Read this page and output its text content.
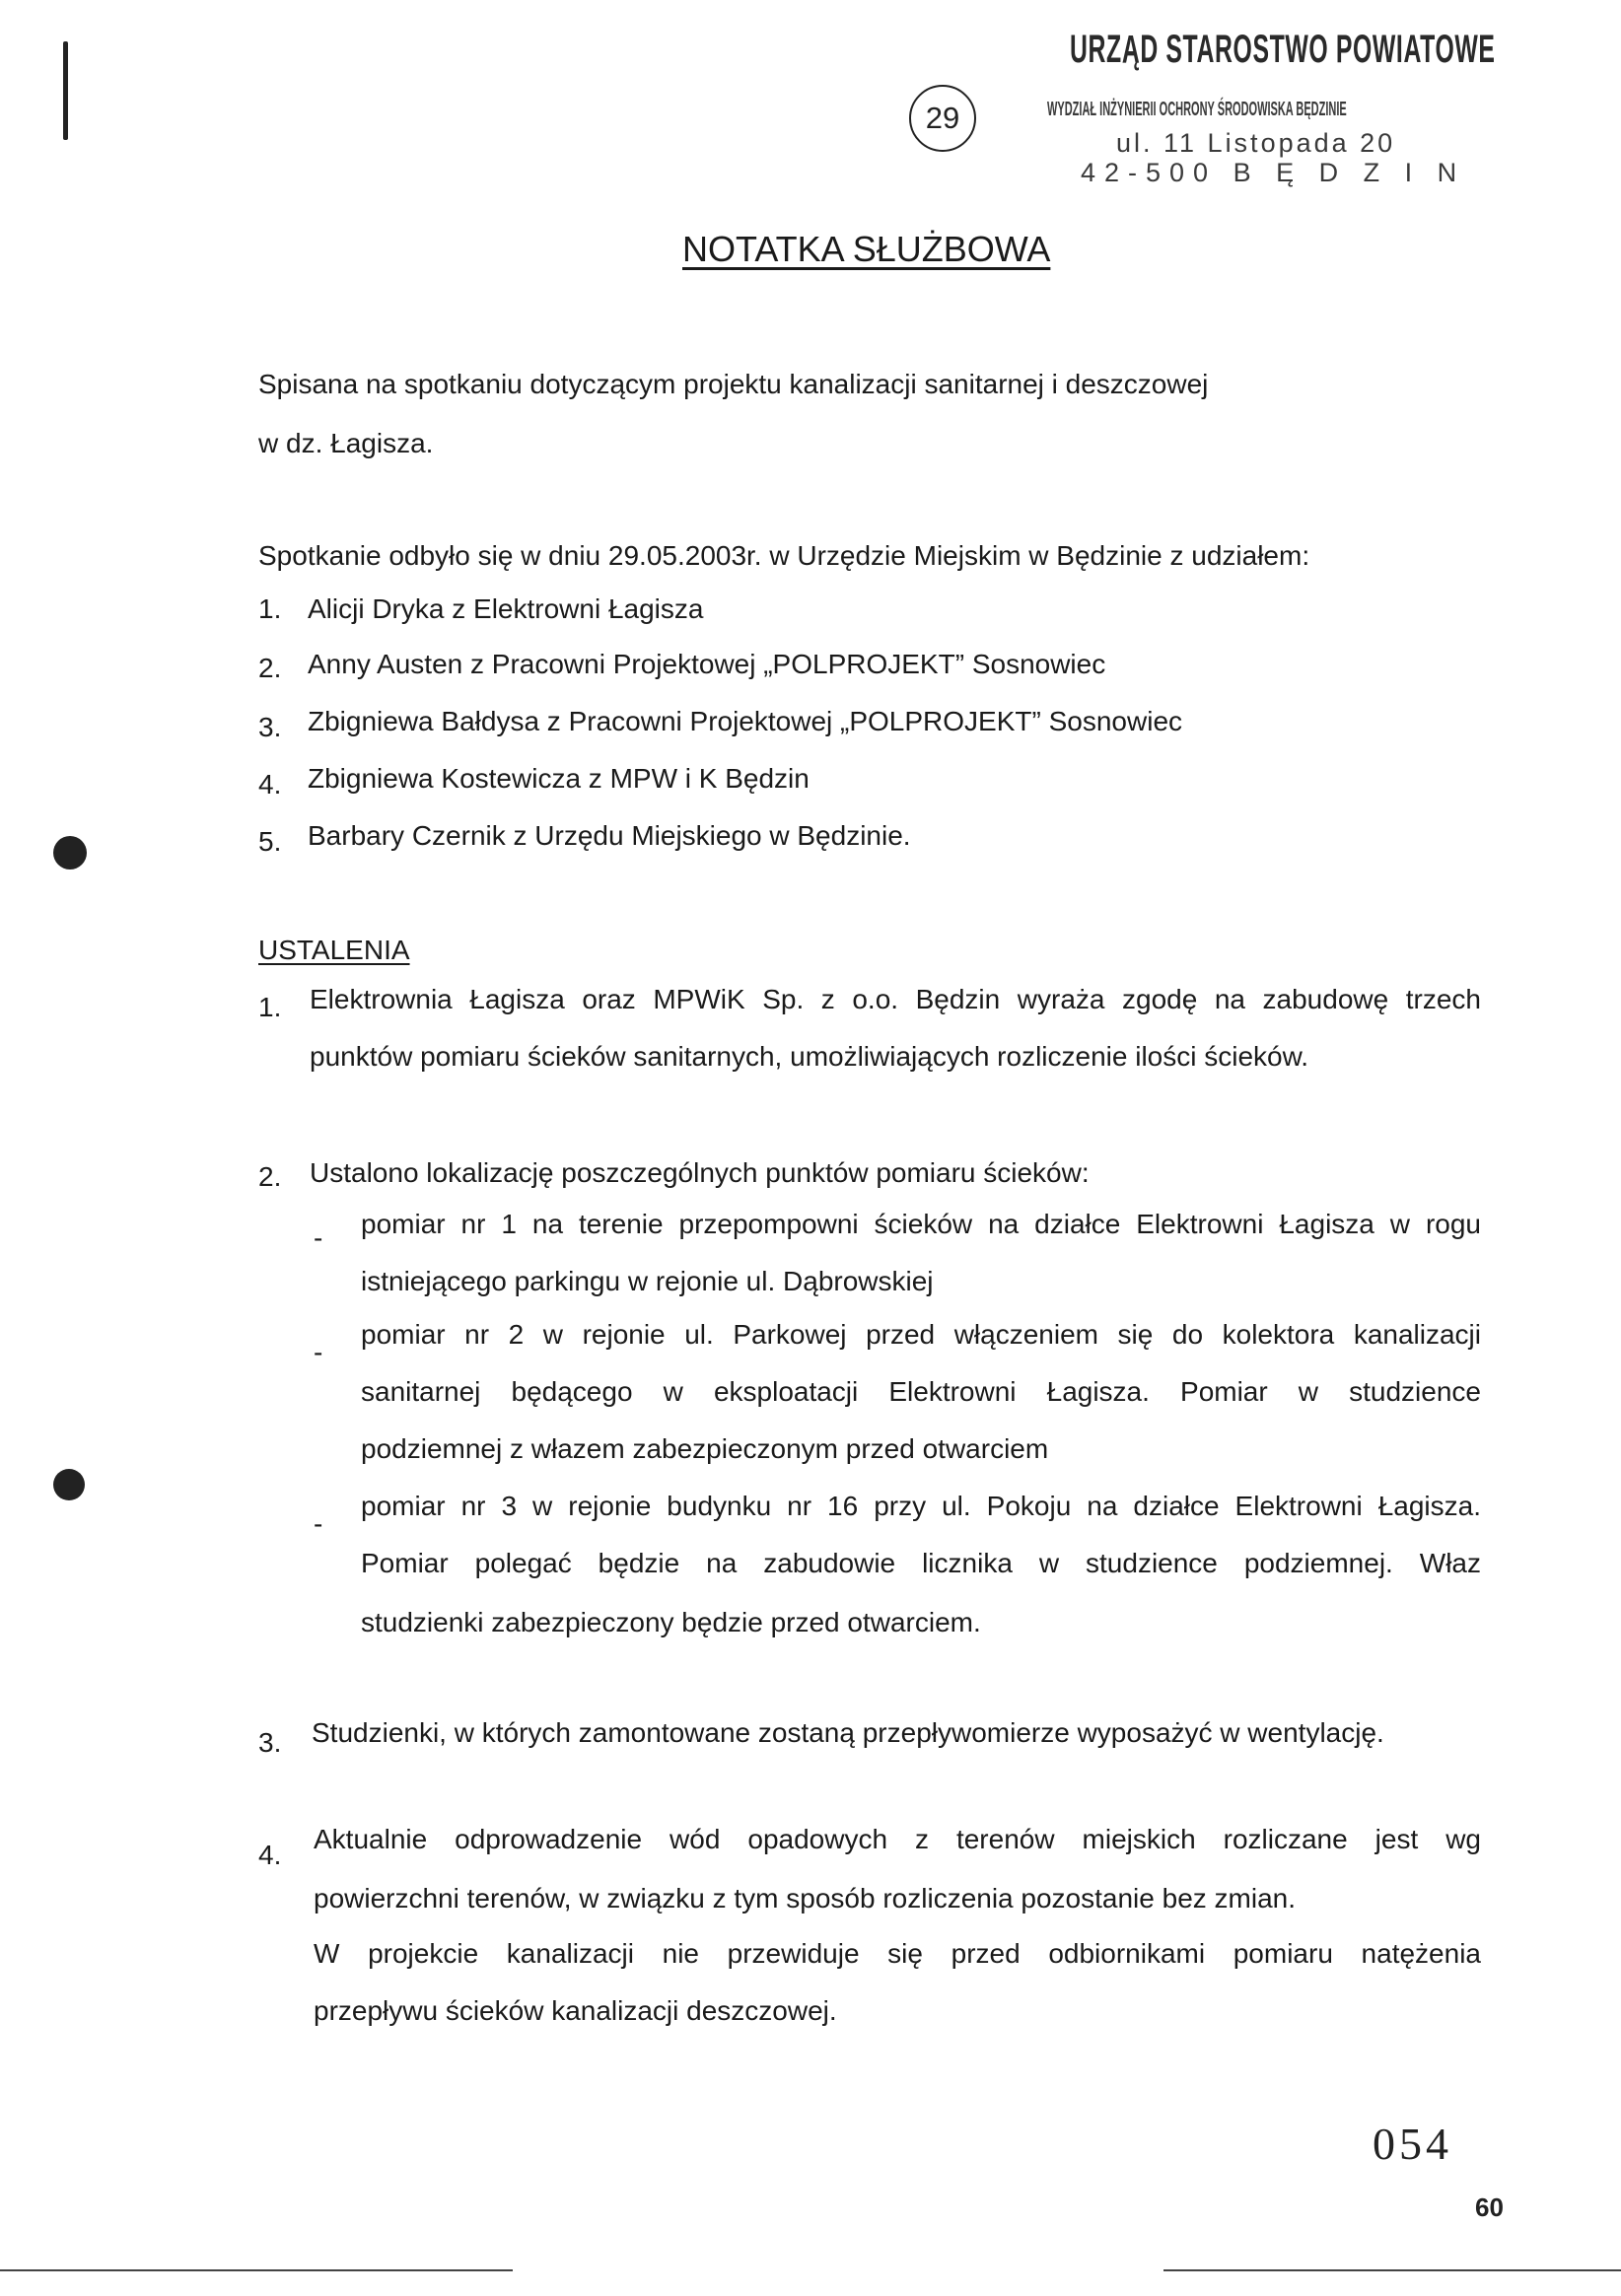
URZĄD STAROSTWO POWIATOWE
WYDZIAŁ INŻYNIERII OCHRONY ŚRODOWISKA BĘDZINIE
ul. 11 Listopada 20
42-500 B Ę D Z I N
29
NOTATKA SŁUŻBOWA
Spisana na spotkaniu dotyczącym projektu kanalizacji sanitarnej i deszczowej
w dz. Łagisza.
Spotkanie odbyło się w dniu 29.05.2003r. w Urzędzie Miejskim w Będzinie z udziałem:
1. Alicji Dryka z Elektrowni Łagisza
2. Anny Austen z Pracowni Projektowej „POLPROJEKT” Sosnowiec
3. Zbigniewa Bałdysa z Pracowni Projektowej „POLPROJEKT” Sosnowiec
4. Zbigniewa Kostewicza z MPW i K Będzin
5. Barbary Czernik z Urzędu Miejskiego w Będzinie.
USTALENIA
1. Elektrownia Łagisza oraz MPWiK Sp. z o.o. Będzin wyraża zgodę na zabudowę trzech
punktów pomiaru ścieków sanitarnych, umożliwiających rozliczenie ilości ścieków.
2. Ustalono lokalizację poszczególnych punktów pomiaru ścieków:
- pomiar nr 1 na terenie przepompowni ścieków na działce Elektrowni Łagisza w rogu
istniejącego parkingu w rejonie ul. Dąbrowskiej
-
pomiar nr 2 w rejonie ul. Parkowej przed włączeniem się do kolektora kanalizacji
sanitarnej będącego w eksploatacji Elektrowni Łagisza. Pomiar w studzience
podziemnej z włazem zabezpieczonym przed otwarciem
-
pomiar nr 3 w rejonie budynku nr 16 przy ul. Pokoju na działce Elektrowni Łagisza.
Pomiar polegać będzie na zabudowie licznika w studzience podziemnej. Właz
studzienki zabezpieczony będzie przed otwarciem.
3. Studzienki, w których zamontowane zostaną przepływomierze wyposażyć w wentylację.
4.
Aktualnie odprowadzenie wód opadowych z terenów miejskich rozliczane jest wg
powierzchni terenów, w związku z tym sposób rozliczenia pozostanie bez zmian.
W projekcie kanalizacji nie przewiduje się przed odbiornikami pomiaru natężenia
przepływu ścieków kanalizacji deszczowej.
054
60
